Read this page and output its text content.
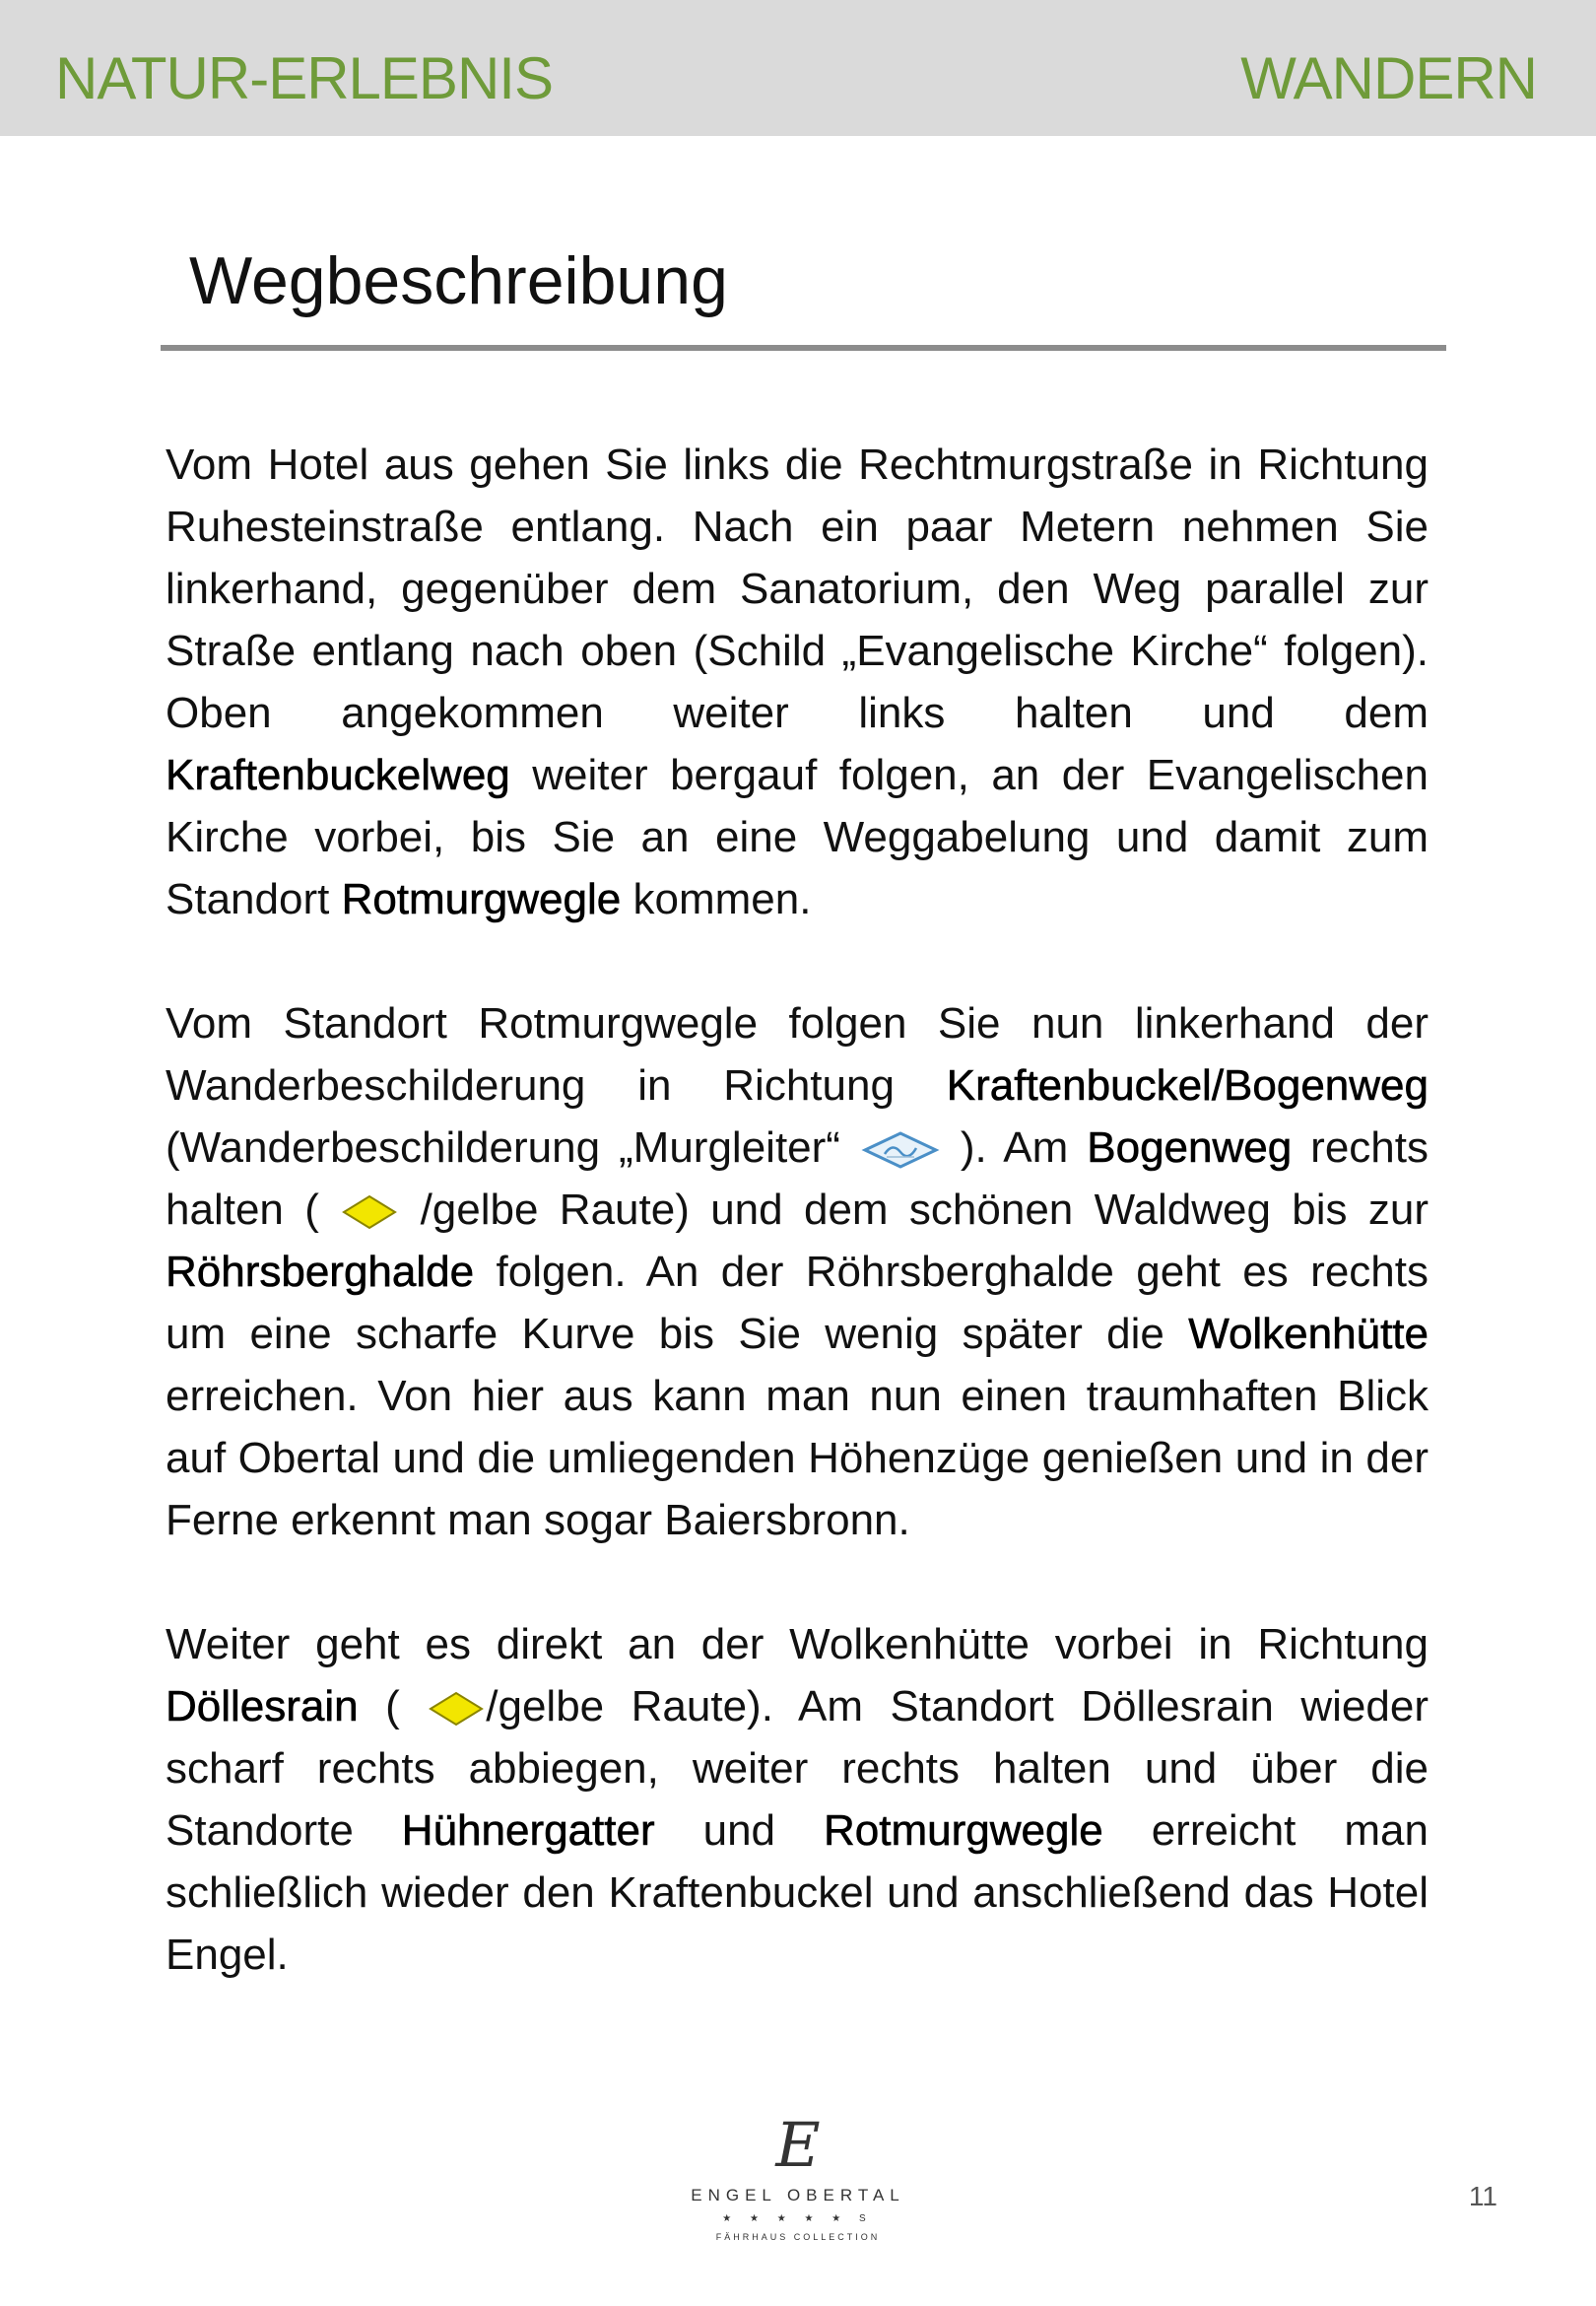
NATUR-ERLEBNIS	WANDERN
Wegbeschreibung

Vom Hotel aus gehen Sie links die Rechtmurgstraße in Richtung Ruhesteinstraße entlang. Nach ein paar Metern nehmen Sie linkerhand, gegenüber dem Sanatorium, den Weg parallel zur Straße entlang nach oben (Schild „Evangelische Kirche“ folgen). Oben angekommen weiter links halten und dem Kraftenbuckelweg weiter bergauf folgen, an der Evangelischen Kirche vorbei, bis Sie an eine Weggabelung und damit zum Standort Rotmurgwegle kommen.

Vom Standort Rotmurgwegle folgen Sie nun linkerhand der Wanderbeschilderung in Richtung Kraftenbuckel/Bogenweg (Wanderbeschilderung „Murgleiter“
). Am Bogenweg rechts halten (
/gelbe Raute) und dem schönen Waldweg bis zur Röhrsberghalde folgen. An der Röhrsberghalde geht es rechts um eine scharfe Kurve bis Sie wenig später die Wolkenhütte erreichen. Von hier aus kann man nun einen traumhaften Blick auf Obertal und die umliegenden Höhenzüge genießen und in der Ferne erkennt man sogar Baiersbronn.

Weiter geht es direkt an der Wolkenhütte vorbei in Richtung Döllesrain (
/gelbe Raute). Am Standort Döllesrain wieder scharf rechts abbiegen, weiter rechts halten und über die Standorte Hühnergatter und Rotmurgwegle erreicht man schließlich wieder den Kraftenbuckel und anschließend das Hotel Engel.

E
ENGEL OBERTAL
★ ★ ★ ★ ★ S
FÄHRHAUS COLLECTION
11
